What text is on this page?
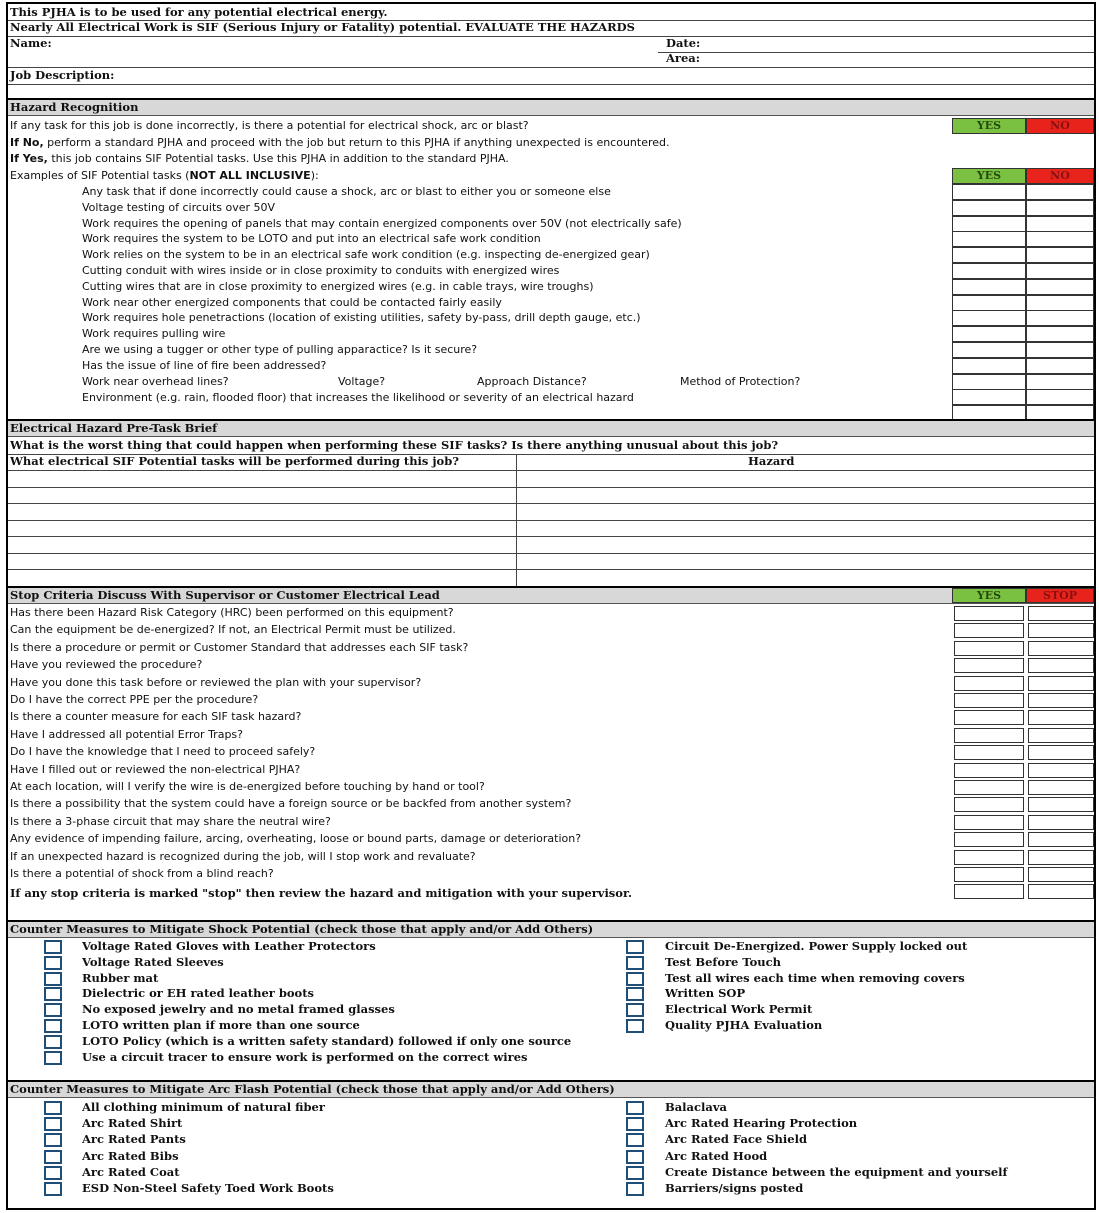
This PJHA is to be used for any potential electrical energy.
Nearly All Electrical Work is SIF (Serious Injury or Fatality) potential. EVALUATE THE HAZARDS
Name:	Date:
Area:
Job Description:
Hazard Recognition
If any task for this job is done incorrectly, is there a potential for electrical shock, arc or blast?	YES	NO
If No, perform a standard PJHA and proceed with the job but return to this PJHA if anything unexpected is encountered.
If Yes, this job contains SIF Potential tasks. Use this PJHA in addition to the standard PJHA.
Examples of SIF Potential tasks (NOT ALL INCLUSIVE):	YES	NO
Any task that if done incorrectly could cause a shock, arc or blast to either you or someone else
Voltage testing of circuits over 50V
Work requires the opening of panels that may contain energized components over 50V (not electrically safe)
Work requires the system to be LOTO and put into an electrical safe work condition
Work relies on the system to be in an electrical safe work condition (e.g. inspecting de-energized gear)
Cutting conduit with wires inside or in close proximity to conduits with energized wires
Cutting wires that are in close proximity to energized wires (e.g. in cable trays, wire troughs)
Work near other energized components that could be contacted fairly easily
Work requires hole penetractions (location of existing utilities, safety by-pass, drill depth gauge, etc.)
Work requires pulling wire
Are we using a tugger or other type of pulling apparactice? Is it secure?
Has the issue of line of fire been addressed?
Work near overhead lines?	Voltage?	Approach Distance?	Method of Protection?
Environment (e.g. rain, flooded floor) that increases the likelihood or severity of an electrical hazard
Electrical Hazard Pre-Task Brief
What is the worst thing that could happen when performing these SIF tasks? Is there anything unusual about this job?
What electrical SIF Potential tasks will be performed during this job?	Hazard
Stop Criteria Discuss With Supervisor or Customer Electrical Lead	YES	STOP
Has there been Hazard Risk Category (HRC) been performed on this equipment?
Can the equipment be de-energized? If not, an Electrical Permit must be utilized.
Is there a procedure or permit or Customer Standard that addresses each SIF task?
Have you reviewed the procedure?
Have you done this task before or reviewed the plan with your supervisor?
Do I have the correct PPE per the procedure?
Is there a counter measure for each SIF task hazard?
Have I addressed all potential Error Traps?
Do I have the knowledge that I need to proceed safely?
Have I filled out or reviewed the non-electrical PJHA?
At each location, will I verify the wire is de-energized before touching by hand or tool?
Is there a possibility that the system could have a foreign source or be backfed from another system?
Is there a 3-phase circuit that may share the neutral wire?
Any evidence of impending failure, arcing, overheating, loose or bound parts, damage or deterioration?
If an unexpected hazard is recognized during the job, will I stop work and revaluate?
Is there a potential of shock from a blind reach?
If any stop criteria is marked "stop" then review the hazard and mitigation with your supervisor.
Counter Measures to Mitigate Shock Potential (check those that apply and/or Add Others)
Voltage Rated Gloves with Leather Protectors
Voltage Rated Sleeves
Rubber mat
Dielectric or EH rated leather boots
No exposed jewelry and no metal framed glasses
LOTO written plan if more than one source
LOTO Policy (which is a written safety standard) followed if only one source
Use a circuit tracer to ensure work is performed on the correct wires
Circuit De-Energized. Power Supply locked out
Test Before Touch
Test all wires each time when removing covers
Written SOP
Electrical Work Permit
Quality PJHA Evaluation
Counter Measures to Mitigate Arc Flash Potential (check those that apply and/or Add Others)
All clothing minimum of natural fiber
Arc Rated Shirt
Arc Rated Pants
Arc Rated Bibs
Arc Rated Coat
ESD Non-Steel Safety Toed Work Boots
Balaclava
Arc Rated Hearing Protection
Arc Rated Face Shield
Arc Rated Hood
Create Distance between the equipment and yourself
Barriers/signs posted
